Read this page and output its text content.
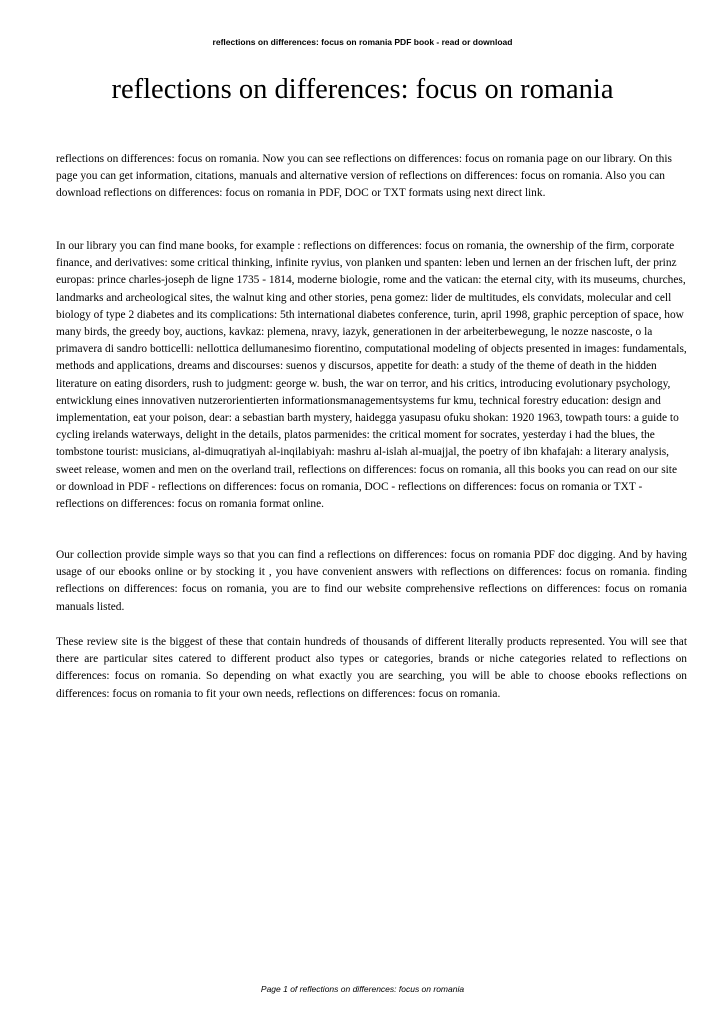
reflections on differences: focus on romania PDF book - read or download
reflections on differences: focus on romania

reflections on differences: focus on romania. Now you can see reflections on differences: focus on romania page on our library. On this page you can get information, citations, manuals and alternative version of reflections on differences: focus on romania. Also you can download reflections on differences: focus on romania in PDF, DOC or TXT formats using next direct link.

In our library you can find mane books, for example : reflections on differences: focus on romania, the ownership of the firm, corporate finance, and derivatives: some critical thinking, infinite ryvius, von planken und spanten: leben und lernen an der frischen luft, der prinz europas: prince charles-joseph de ligne 1735 - 1814, moderne biologie, rome and the vatican: the eternal city, with its museums, churches, landmarks and archeological sites, the walnut king and other stories, pena gomez: lider de multitudes, els convidats, molecular and cell biology of type 2 diabetes and its complications: 5th international diabetes conference, turin, april 1998, graphic perception of space, how many birds, the greedy boy, auctions, kavkaz: plemena, nravy, iazyk, generationen in der arbeiterbewegung, le nozze nascoste, o la primavera di sandro botticelli: nellottica dellumanesimo fiorentino, computational modeling of objects presented in images: fundamentals, methods and applications, dreams and discourses: suenos y discursos, appetite for death: a study of the theme of death in the hidden literature on eating disorders, rush to judgment: george w. bush, the war on terror, and his critics, introducing evolutionary psychology, entwicklung eines innovativen nutzerorientierten informationsmanagementsystems fur kmu, technical forestry education: design and implementation, eat your poison, dear: a sebastian barth mystery, haidegga yasupasu ofuku shokan: 1920 1963, towpath tours: a guide to cycling irelands waterways, delight in the details, platos parmenides: the critical moment for socrates, yesterday i had the blues, the tombstone tourist: musicians, al-dimuqratiyah al-inqilabiyah: mashru al-islah al-muajjal, the poetry of ibn khafajah: a literary analysis, sweet release, women and men on the overland trail, reflections on differences: focus on romania, all this books you can read on our site or download in PDF - reflections on differences: focus on romania, DOC - reflections on differences: focus on romania or TXT - reflections on differences: focus on romania format online.

Our collection provide simple ways so that you can find a reflections on differences: focus on romania PDF doc digging. And by having usage of our ebooks online or by stocking it , you have convenient answers with reflections on differences: focus on romania. finding reflections on differences: focus on romania, you are to find our website comprehensive reflections on differences: focus on romania manuals listed.

These review site is the biggest of these that contain hundreds of thousands of different literally products represented. You will see that there are particular sites catered to different product also types or categories, brands or niche categories related to reflections on differences: focus on romania. So depending on what exactly you are searching, you will be able to choose ebooks reflections on differences: focus on romania to fit your own needs, reflections on differences: focus on romania.

Page 1 of reflections on differences: focus on romania
